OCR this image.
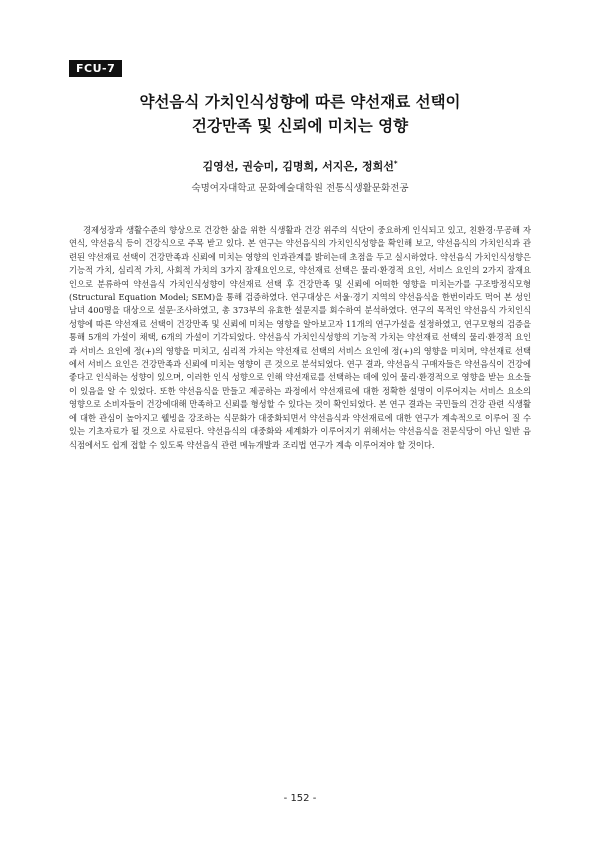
FCU-7
약선음식 가치인식성향에 따른 약선재료 선택이
건강만족 및 신뢰에 미치는 영향
김영선, 권승미, 김명희, 서지은, 정희선*
숙명여자대학교 문화예술대학원 전통식생활문화전공

경제성장과 생활수준의 향상으로 건강한 삶을 위한 식생활과 건강 위주의 식단이 중요하게 인식되고 있고, 친환경·무공해 자연식, 약선음식 등이 건강식으로 주목 받고 있다. 본 연구는 약선음식의 가치인식성향을 확인해 보고, 약선음식의 가치인식과 관련된 약선재료 선택이 건강만족과 신뢰에 미치는 영향의 인과관계를 밝히는데 초점을 두고 실시하였다. 약선음식 가치인식성향은 기능적 가치, 심리적 가치, 사회적 가치의 3가지 잠재요인으로, 약선재료 선택은 물리·환경적 요인, 서비스 요인의 2가지 잠재요인으로 분류하여 약선음식 가치인식성향이 약선재료 선택 후 건강만족 및 신뢰에 어떠한 영향을 미치는가를 구조방정식모형(Structural Equation Model; SEM)을 통해 검증하였다. 연구대상은 서울·경기 지역의 약선음식을 한번이라도 먹어 본 성인 남녀 400명을 대상으로 설문·조사하였고, 총 373부의 유효한 설문지를 회수하여 분석하였다. 연구의 목적인 약선음식 가치인식성향에 따른 약선재료 선택이 건강만족 및 신뢰에 미치는 영향을 알아보고자 11개의 연구가설을 설정하였고, 연구모형의 검증을 통해 5개의 가설이 채택, 6개의 가설이 기각되었다. 약선음식 가치인식성향의 기능적 가치는 약선재료 선택의 물리·환경적 요인과 서비스 요인에 정(+)의 영향을 미치고, 심리적 가치는 약선재료 선택의 서비스 요인에 정(+)의 영향을 미치며, 약선재료 선택에서 서비스 요인은 건강만족과 신뢰에 미치는 영향이 큰 것으로 분석되었다. 연구 결과, 약선음식 구매자들은 약선음식이 건강에 좋다고 인식하는 성향이 있으며, 이러한 인식 성향으로 인해 약선재료를 선택하는 데에 있어 물리·환경적으로 영향을 받는 요소들이 있음을 알 수 있었다. 또한 약선음식을 만들고 제공하는 과정에서 약선재료에 대한 정확한 설명이 이루어지는 서비스 요소의 영향으로 소비자들이 건강에대해 만족하고 신뢰를 형성할 수 있다는 것이 확인되었다. 본 연구 결과는 국민들의 건강 관련 식생활에 대한 관심이 높아지고 웰빙을 강조하는 식문화가 대중화되면서 약선음식과 약선재료에 대한 연구가 계속적으로 이루어 질 수 있는 기초자료가 될 것으로 사료된다. 약선음식의 대중화와 세계화가 이루어지기 위해서는 약선음식을 전문식당이 아닌 일반 음식점에서도 쉽게 접할 수 있도록 약선음식 관련 메뉴개발과 조리법 연구가 계속 이루어져야 할 것이다.

- 152 -
